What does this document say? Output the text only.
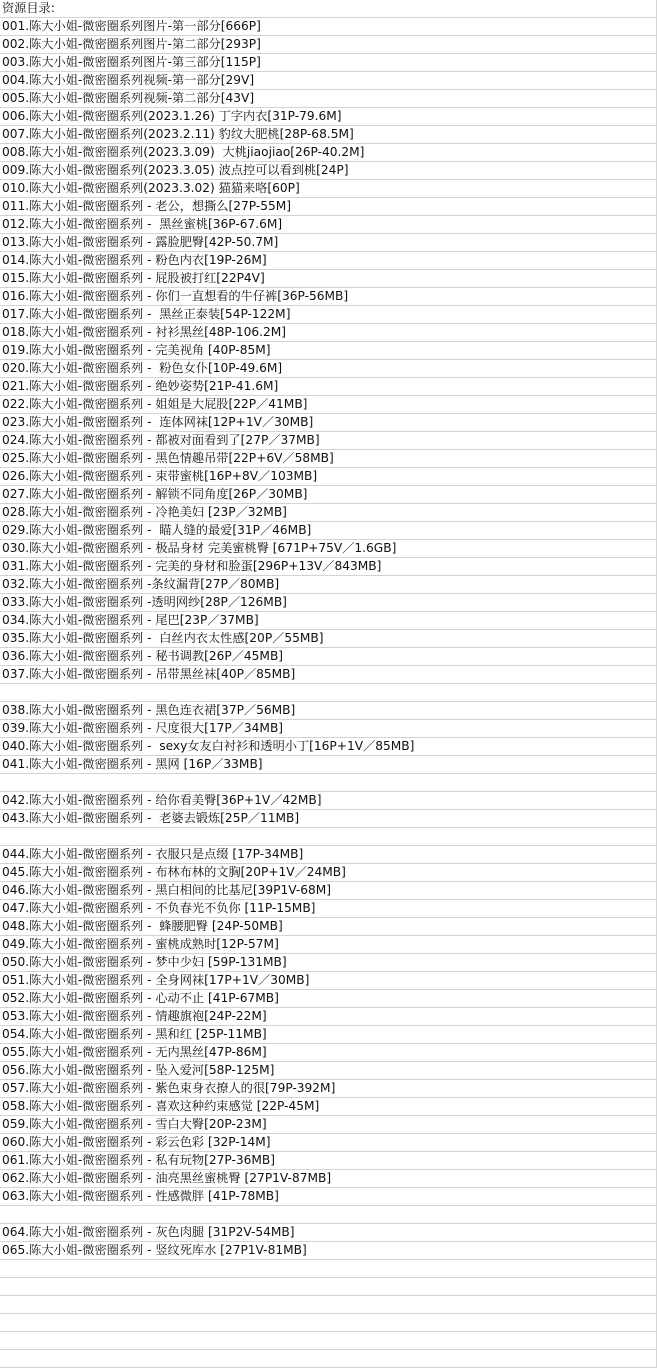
资源目录:

001.陈大小姐-微密圈系列图片-第一部分[666P]
002.陈大小姐-微密圈系列图片-第二部分[293P]
003.陈大小姐-微密圈系列图片-第三部分[115P]
004.陈大小姐-微密圈系列视频-第一部分[29V]
005.陈大小姐-微密圈系列视频-第二部分[43V]
006.陈大小姐-微密圈系列(2023.1.26) 丁字内衣[31P-79.6M]
007.陈大小姐-微密圈系列(2023.2.11) 豹纹大肥桃[28P-68.5M]
008.陈大小姐-微密圈系列(2023.3.09)  大桃jiaojiao[26P-40.2M]
009.陈大小姐-微密圈系列(2023.3.05) 波点控可以看到桃[24P]
010.陈大小姐-微密圈系列(2023.3.02) 猫猫来咯[60P]
011.陈大小姐-微密圈系列 - 老公，想撕么[27P-55M]
012.陈大小姐-微密圈系列 -  黑丝蜜桃[36P-67.6M]
013.陈大小姐-微密圈系列 - 露脸肥臀[42P-50.7M]
014.陈大小姐-微密圈系列 - 粉色内衣[19P-26M]
015.陈大小姐-微密圈系列 - 屁股被打红[22P4V]
016.陈大小姐-微密圈系列 - 你们一直想看的牛仔裤[36P-56MB]
017.陈大小姐-微密圈系列 -  黑丝正泰装[54P-122M]
018.陈大小姐-微密圈系列 - 衬衫黑丝[48P-106.2M]
019.陈大小姐-微密圈系列 - 完美视角 [40P-85M]
020.陈大小姐-微密圈系列 -  粉色女仆[10P-49.6M]
021.陈大小姐-微密圈系列 - 绝妙姿势[21P-41.6M]
022.陈大小姐-微密圈系列 - 姐姐是大屁股[22P／41MB]
023.陈大小姐-微密圈系列 -  连体网袜[12P+1V／30MB]
024.陈大小姐-微密圈系列 - 都被对面看到了[27P／37MB]
025.陈大小姐-微密圈系列 - 黑色情趣吊带[22P+6V／58MB]
026.陈大小姐-微密圈系列 - 束带蜜桃[16P+8V／103MB]
027.陈大小姐-微密圈系列 - 解锁不同角度[26P／30MB]
028.陈大小姐-微密圈系列 - 冷艳美妇 [23P／32MB]
029.陈大小姐-微密圈系列 -  瞄人缝的最爱[31P／46MB]
030.陈大小姐-微密圈系列 - 极品身材 完美蜜桃臀 [671P+75V／1.6GB]
031.陈大小姐-微密圈系列 - 完美的身材和脸蛋[296P+13V／843MB]
032.陈大小姐-微密圈系列 -条纹漏背[27P／80MB]
033.陈大小姐-微密圈系列 -透明网纱[28P／126MB]
034.陈大小姐-微密圈系列 - 尾巴[23P／37MB]
035.陈大小姐-微密圈系列 -  白丝内衣太性感[20P／55MB]
036.陈大小姐-微密圈系列 - 秘书调教[26P／45MB]
037.陈大小姐-微密圈系列 - 吊带黑丝袜[40P／85MB]
038.陈大小姐-微密圈系列 - 黑色连衣裙[37P／56MB]
039.陈大小姐-微密圈系列 - 尺度很大[17P／34MB]
040.陈大小姐-微密圈系列 -  sexy女友白衬衫和透明小丁[16P+1V／85MB]
041.陈大小姐-微密圈系列 - 黑网 [16P／33MB]
042.陈大小姐-微密圈系列 - 给你看美臀[36P+1V／42MB]
043.陈大小姐-微密圈系列 -  老婆去锻炼[25P／11MB]
044.陈大小姐-微密圈系列 - 衣服只是点缀 [17P-34MB]
045.陈大小姐-微密圈系列 - 布林布林的文胸[20P+1V／24MB]
046.陈大小姐-微密圈系列 - 黑白相间的比基尼[39P1V-68M]
047.陈大小姐-微密圈系列 - 不负春光不负你 [11P-15MB]
048.陈大小姐-微密圈系列 -  蜂腰肥臀 [24P-50MB]
049.陈大小姐-微密圈系列 - 蜜桃成熟时[12P-57M]
050.陈大小姐-微密圈系列 - 梦中少妇 [59P-131MB]
051.陈大小姐-微密圈系列 - 全身网袜[17P+1V／30MB]
052.陈大小姐-微密圈系列 - 心动不止 [41P-67MB]
053.陈大小姐-微密圈系列 - 情趣旗袍[24P-22M]
054.陈大小姐-微密圈系列 - 黑和红 [25P-11MB]
055.陈大小姐-微密圈系列 - 无内黑丝[47P-86M]
056.陈大小姐-微密圈系列 - 坠入爱河[58P-125M]
057.陈大小姐-微密圈系列 - 紫色束身衣撩人的很[79P-392M]
058.陈大小姐-微密圈系列 - 喜欢这种约束感觉 [22P-45M]
059.陈大小姐-微密圈系列 - 雪白大臀[20P-23M]
060.陈大小姐-微密圈系列 - 彩云色彩 [32P-14M]
061.陈大小姐-微密圈系列 - 私有玩物[27P-36MB]
062.陈大小姐-微密圈系列 - 油亮黑丝蜜桃臀 [27P1V-87MB]
063.陈大小姐-微密圈系列 - 性感微胖 [41P-78MB]
064.陈大小姐-微密圈系列 - 灰色肉腿 [31P2V-54MB]
065.陈大小姐-微密圈系列 - 竖纹死库水 [27P1V-81MB]
